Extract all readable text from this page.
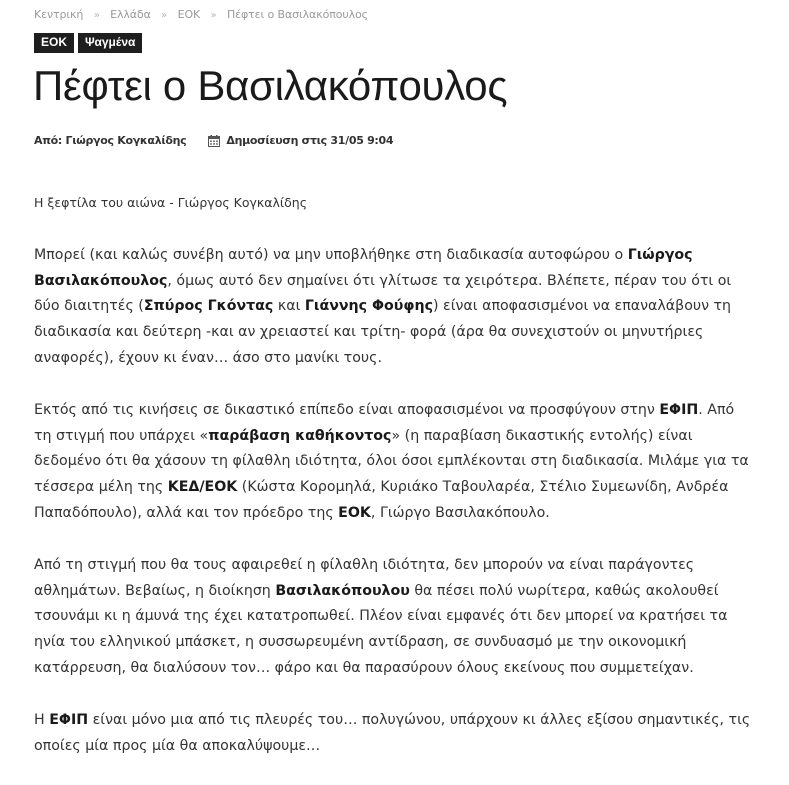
Κεντρική » Ελλάδα » ΕΟΚ » Πέφτει ο Βασιλακόπουλος
ΕΟΚ	Ψαγμένα
Πέφτει ο Βασιλακόπουλος
Από:
Γιώργος Κογκαλίδης	Δημοσίευση στις 31/05 9:04

Η ξεφτίλα του αιώνα - Γιώργος Κογκαλίδης

Μπορεί (και καλώς συνέβη αυτό) να μην υποβλήθηκε στη διαδικασία αυτοφώρου ο Γιώργος Βασιλακόπουλος, όμως αυτό δεν σημαίνει ότι γλίτωσε τα χειρότερα. Βλέπετε, πέραν του ότι οι δύο διαιτητές (Σπύρος Γκόντας και Γιάννης Φούφης) είναι αποφασισμένοι να επαναλάβουν τη διαδικασία και δεύτερη -και αν χρειαστεί και τρίτη- φορά (άρα θα συνεχιστούν οι μηνυτήριες αναφορές), έχουν κι έναν… άσο στο μανίκι τους.

Εκτός από τις κινήσεις σε δικαστικό επίπεδο είναι αποφασισμένοι να προσφύγουν στην ΕΦΙΠ. Από τη στιγμή που υπάρχει «παράβαση καθήκοντος» (η παραβίαση δικαστικής εντολής) είναι δεδομένο ότι θα χάσουν τη φίλαθλη ιδιότητα, όλοι όσοι εμπλέκονται στη διαδικασία. Μιλάμε για τα τέσσερα μέλη της ΚΕΔ/ΕΟΚ (Κώστα Κορομηλά, Κυριάκο Ταβουλαρέα, Στέλιο Συμεωνίδη, Ανδρέα Παπαδόπουλο), αλλά και τον πρόεδρο της ΕΟΚ, Γιώργο Βασιλακόπουλο.

Από τη στιγμή που θα τους αφαιρεθεί η φίλαθλη ιδιότητα, δεν μπορούν να είναι παράγοντες αθλημάτων. Βεβαίως, η διοίκηση Βασιλακόπουλου θα πέσει πολύ νωρίτερα, καθώς ακολουθεί τσουνάμι κι η άμυνά της έχει κατατροπωθεί. Πλέον είναι εμφανές ότι δεν μπορεί να κρατήσει τα ηνία του ελληνικού μπάσκετ, η συσσωρευμένη αντίδραση, σε συνδυασμό με την οικονομική κατάρρευση, θα διαλύσουν τον… φάρο και θα παρασύρουν όλους εκείνους που συμμετείχαν.

Η ΕΦΙΠ είναι μόνο μια από τις πλευρές του… πολυγώνου, υπάρχουν κι άλλες εξίσου σημαντικές, τις οποίες μία προς μία θα αποκαλύψουμε…
